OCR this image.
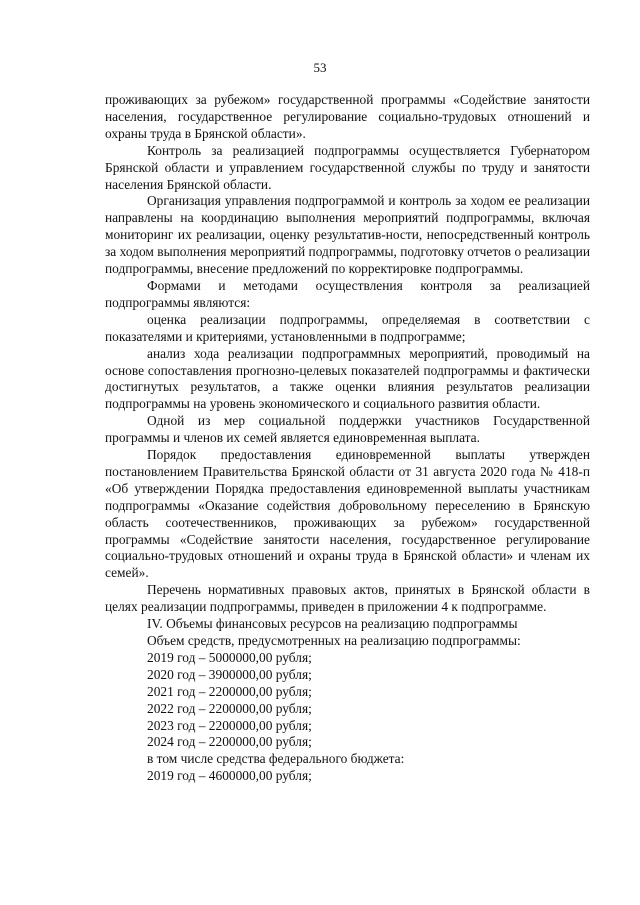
53

проживающих за рубежом» государственной программы «Содействие занятости населения, государственное регулирование социально-трудовых отношений и охраны труда в Брянской области».

Контроль за реализацией подпрограммы осуществляется Губернатором Брянской области и управлением государственной службы по труду и занятости населения Брянской области.

Организация управления подпрограммой и контроль за ходом ее реализации направлены на координацию выполнения мероприятий подпрограммы, включая мониторинг их реализации, оценку результатив-ности, непосредственный контроль за ходом выполнения мероприятий подпрограммы, подготовку отчетов о реализации подпрограммы, внесение предложений по корректировке подпрограммы.

Формами и методами осуществления контроля за реализацией подпрограммы являются:

оценка реализации подпрограммы, определяемая в соответствии с показателями и критериями, установленными в подпрограмме;

анализ хода реализации подпрограммных мероприятий, проводимый на основе сопоставления прогнозно-целевых показателей подпрограммы и фактически достигнутых результатов, а также оценки влияния результатов реализации подпрограммы на уровень экономического и социального развития области.

Одной из мер социальной поддержки участников Государственной программы и членов их семей является единовременная выплата.

Порядок предоставления единовременной выплаты утвержден постановлением Правительства Брянской области от 31 августа 2020 года № 418-п «Об утверждении Порядка предоставления единовременной выплаты участникам подпрограммы «Оказание содействия добровольному переселению в Брянскую область соотечественников, проживающих за рубежом» государственной программы «Содействие занятости населения, государственное регулирование социально-трудовых отношений и охраны труда в Брянской области» и членам их семей».

Перечень нормативных правовых актов, принятых в Брянской области в целях реализации подпрограммы, приведен в приложении 4 к подпрограмме.

IV. Объемы финансовых ресурсов на реализацию подпрограммы

Объем средств, предусмотренных на реализацию подпрограммы:
2019 год – 5000000,00 рубля;
2020 год – 3900000,00 рубля;
2021 год – 2200000,00 рубля;
2022 год – 2200000,00 рубля;
2023 год – 2200000,00 рубля;
2024 год – 2200000,00 рубля;
в том числе средства федерального бюджета:
2019 год – 4600000,00 рубля;
